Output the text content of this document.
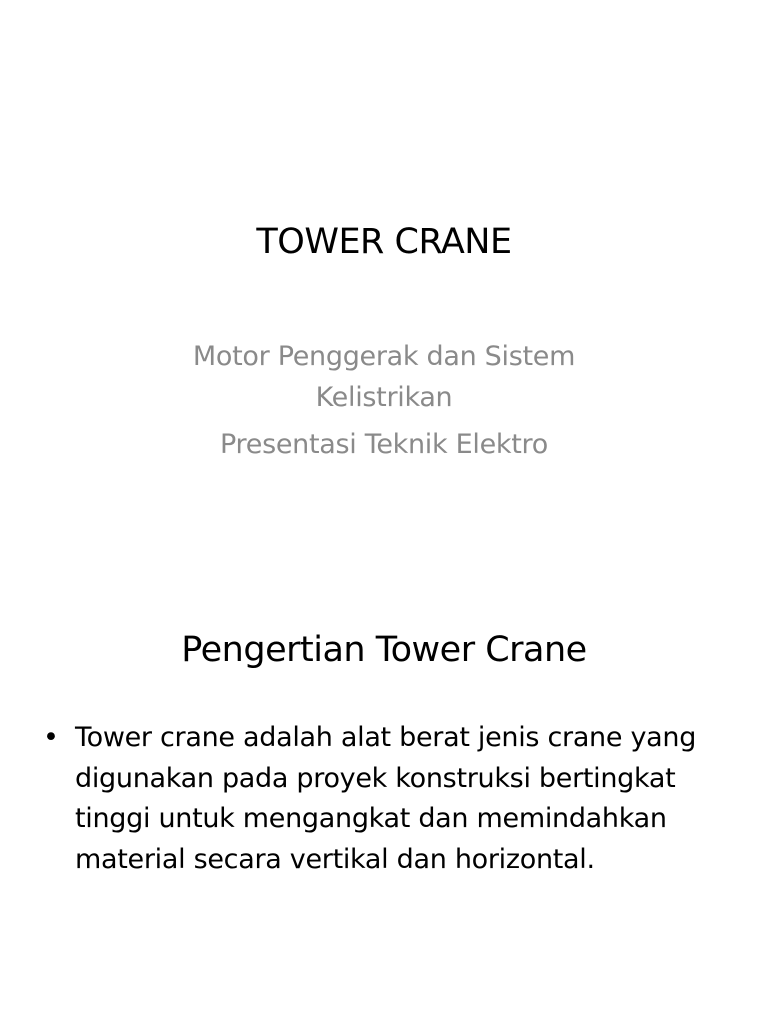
TOWER CRANE
Motor Penggerak dan Sistem Kelistrikan
Presentasi Teknik Elektro
Pengertian Tower Crane
• Tower crane adalah alat berat jenis crane yang digunakan pada proyek konstruksi bertingkat tinggi untuk mengangkat dan memindahkan material secara vertikal dan horizontal.
